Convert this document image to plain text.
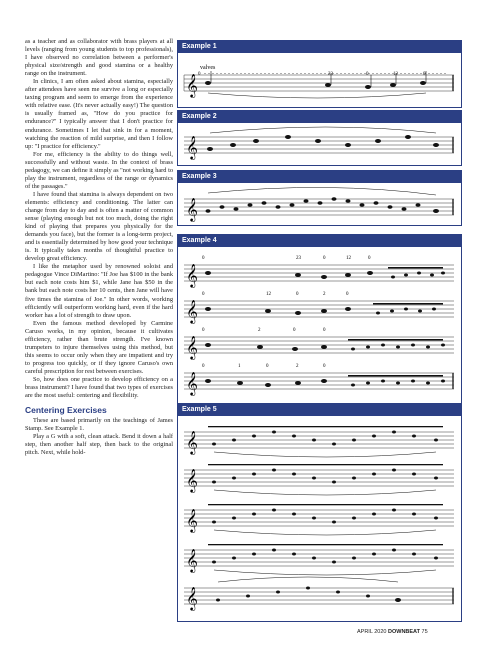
as a teacher and as collaborator with brass players at all levels (ranging from young students to top professionals), I have observed no correlation between a performer's physical size/strength and good stamina or a healthy range on the instrument.

In clinics, I am often asked about stamina, especially after attendees have seen me survive a long or especially taxing program and seem to emerge from the experience with relative ease. (It's never actually easy!) The question is usually framed as, "How do you practice for endurance?" I typically answer that I don't practice for endurance. Sometimes I let that sink in for a moment, watching the reaction of mild surprise, and then I follow up: "I practice for efficiency."

For me, efficiency is the ability to do things well, successfully and without waste. In the context of brass pedagogy, we can define it simply as "not working hard to play the instrument, regardless of the range or dynamics of the passages."

I have found that stamina is always dependent on two elements: efficiency and conditioning. The latter can change from day to day and is often a matter of common sense (playing enough but not too much, doing the right kind of playing that prepares you physically for the demands you face), but the former is a long-term project, and is essentially determined by how good your technique is. It typically takes months of thoughtful practice to develop great efficiency.

I like the metaphor used by renowned soloist and pedagogue Vince DiMartino: "If Joe has $100 in the bank but each note costs him $1, while Jane has $50 in the bank but each note costs her 10 cents, then Jane will have five times the stamina of Joe." In other words, working efficiently will outperform working hard, even if the hard worker has a lot of strength to draw upon.

Even the famous method developed by Carmine Caruso works, in my opinion, because it cultivates efficiency, rather than brute strength. I've known trumpeters to injure themselves using this method, but this seems to occur only when they are impatient and try to progress too quickly, or if they ignore Caruso's own careful prescription for rest between exercises.

So, how does one practice to develop efficiency on a brass instrument? I have found that two types of exercises are the most useful: centering and flexibility.

Centering Exercises

These are based primarily on the teachings of James Stamp. See Example 1.

Play a G with a soft, clean attack. Bend it down a half step, then another half step, then back to the original pitch. Next, while hold-

Example 1
𝄞
valves
0	23	0	12	0
Example 2
𝄞
Example 3
𝄞
Example 4
𝄞
0	23	0	12	0
𝄞
0	12	0	2	0
𝄞
0	2	0	0
𝄞
0	1	0	2	0
Example 5
𝄞
𝄞
𝄞
𝄞
𝄞
APRIL 2020 DOWNBEAT 75
